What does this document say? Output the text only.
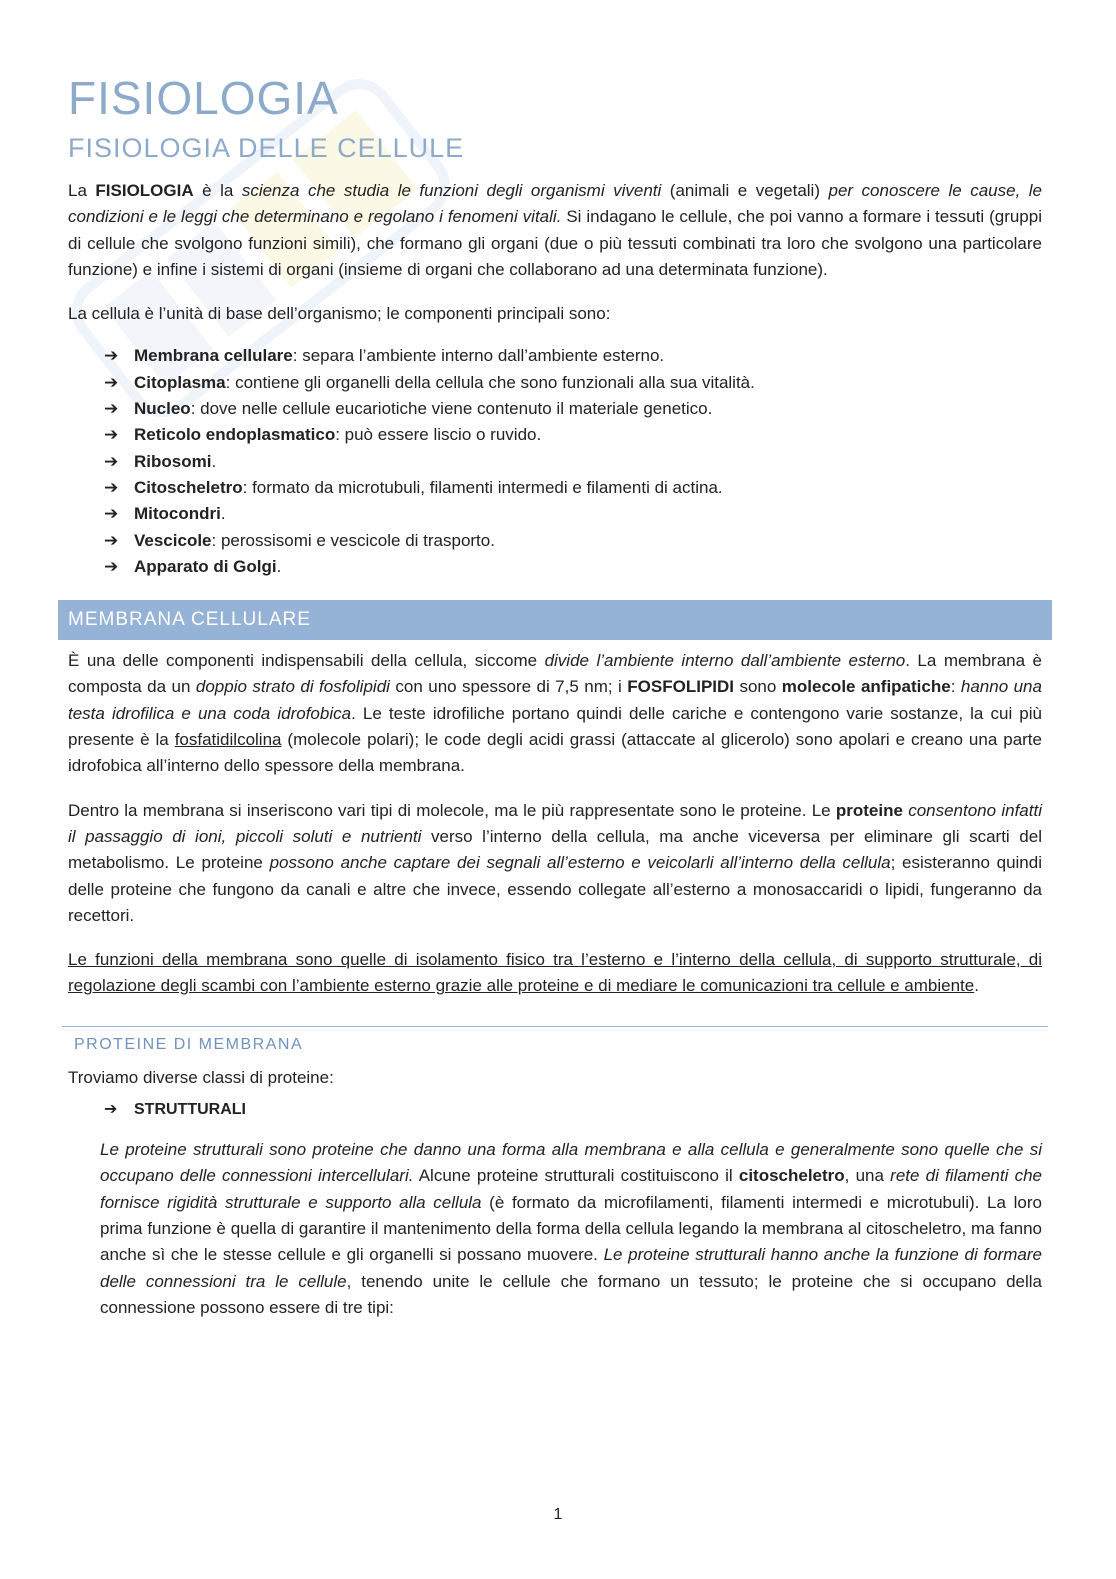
FISIOLOGIA
FISIOLOGIA DELLE CELLULE

La FISIOLOGIA è la scienza che studia le funzioni degli organismi viventi (animali e vegetali) per conoscere le cause, le condizioni e le leggi che determinano e regolano i fenomeni vitali. Si indagano le cellule, che poi vanno a formare i tessuti (gruppi di cellule che svolgono funzioni simili), che formano gli organi (due o più tessuti combinati tra loro che svolgono una particolare funzione) e infine i sistemi di organi (insieme di organi che collaborano ad una determinata funzione).

La cellula è l’unità di base dell’organismo; le componenti principali sono:

➔ Membrana cellulare: separa l’ambiente interno dall’ambiente esterno.
➔ Citoplasma: contiene gli organelli della cellula che sono funzionali alla sua vitalità.
➔ Nucleo: dove nelle cellule eucariotiche viene contenuto il materiale genetico.
➔ Reticolo endoplasmatico: può essere liscio o ruvido.
➔ Ribosomi.
➔ Citoscheletro: formato da microtubuli, filamenti intermedi e filamenti di actina.
➔ Mitocondri.
➔ Vescicole: perossisomi e vescicole di trasporto.
➔ Apparato di Golgi.
MEMBRANA CELLULARE

È una delle componenti indispensabili della cellula, siccome divide l’ambiente interno dall’ambiente esterno. La membrana è composta da un doppio strato di fosfolipidi con uno spessore di 7,5 nm; i FOSFOLIPIDI sono molecole anfipatiche: hanno una testa idrofilica e una coda idrofobica. Le teste idrofiliche portano quindi delle cariche e contengono varie sostanze, la cui più presente è la fosfatidilcolina (molecole polari); le code degli acidi grassi (attaccate al glicerolo) sono apolari e creano una parte idrofobica all’interno dello spessore della membrana.

Dentro la membrana si inseriscono vari tipi di molecole, ma le più rappresentate sono le proteine. Le proteine consentono infatti il passaggio di ioni, piccoli soluti e nutrienti verso l’interno della cellula, ma anche viceversa per eliminare gli scarti del metabolismo. Le proteine possono anche captare dei segnali all’esterno e veicolarli all’interno della cellula; esisteranno quindi delle proteine che fungono da canali e altre che invece, essendo collegate all’esterno a monosaccaridi o lipidi, fungeranno da recettori.

Le funzioni della membrana sono quelle di isolamento fisico tra l’esterno e l’interno della cellula, di supporto strutturale, di regolazione degli scambi con l’ambiente esterno grazie alle proteine e di mediare le comunicazioni tra cellule e ambiente.

PROTEINE DI MEMBRANA

Troviamo diverse classi di proteine:

➔ STRUTTURALI

Le proteine strutturali sono proteine che danno una forma alla membrana e alla cellula e generalmente sono quelle che si occupano delle connessioni intercellulari. Alcune proteine strutturali costituiscono il citoscheletro, una rete di filamenti che fornisce rigidità strutturale e supporto alla cellula (è formato da microfilamenti, filamenti intermedi e microtubuli). La loro prima funzione è quella di garantire il mantenimento della forma della cellula legando la membrana al citoscheletro, ma fanno anche sì che le stesse cellule e gli organelli si possano muovere. Le proteine strutturali hanno anche la funzione di formare delle connessioni tra le cellule, tenendo unite le cellule che formano un tessuto; le proteine che si occupano della connessione possono essere di tre tipi:

1
